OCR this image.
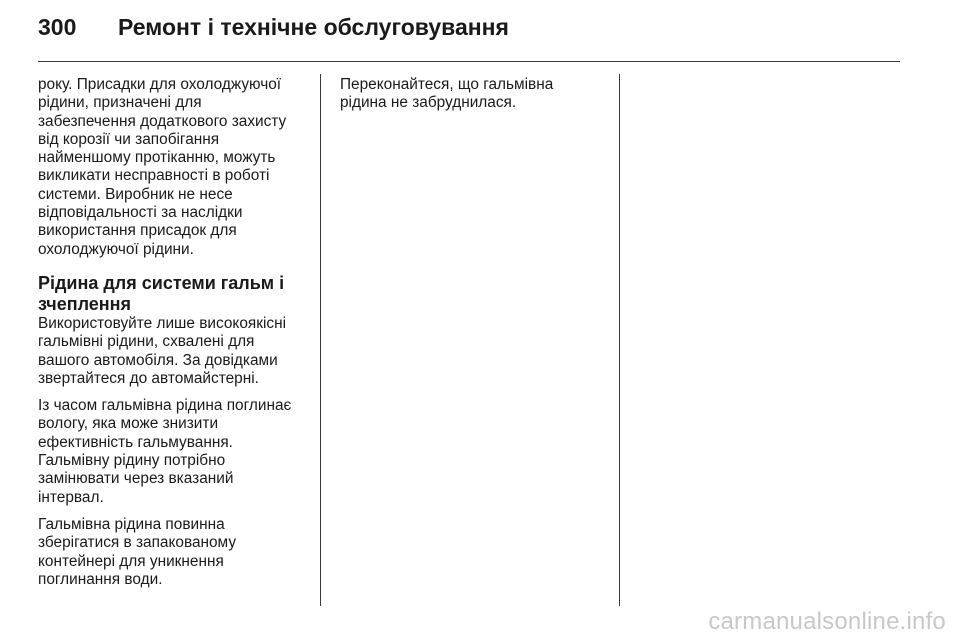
300	Ремонт і технічне обслуговування

року. Присадки для охолоджуючої
рідини, призначені для
забезпечення додаткового захисту
від корозії чи запобігання
найменшому протіканню, можуть
викликати несправності в роботі
системи. Виробник не несе
відповідальності за наслідки
використання присадок для
охолоджуючої рідини.

Рідина для системи гальм і
зчеплення

Використовуйте лише високоякісні
гальмівні рідини, схвалені для
вашого автомобіля. За довідками
звертайтеся до автомайстерні.

Із часом гальмівна рідина поглинає
вологу, яка може знизити
ефективність гальмування.
Гальмівну рідину потрібно
замінювати через вказаний
інтервал.

Гальмівна рідина повинна
зберігатися в запакованому
контейнері для уникнення
поглинання води.

Переконайтеся, що гальмівна
рідина не забруднилася.

carmanualsonline.info
